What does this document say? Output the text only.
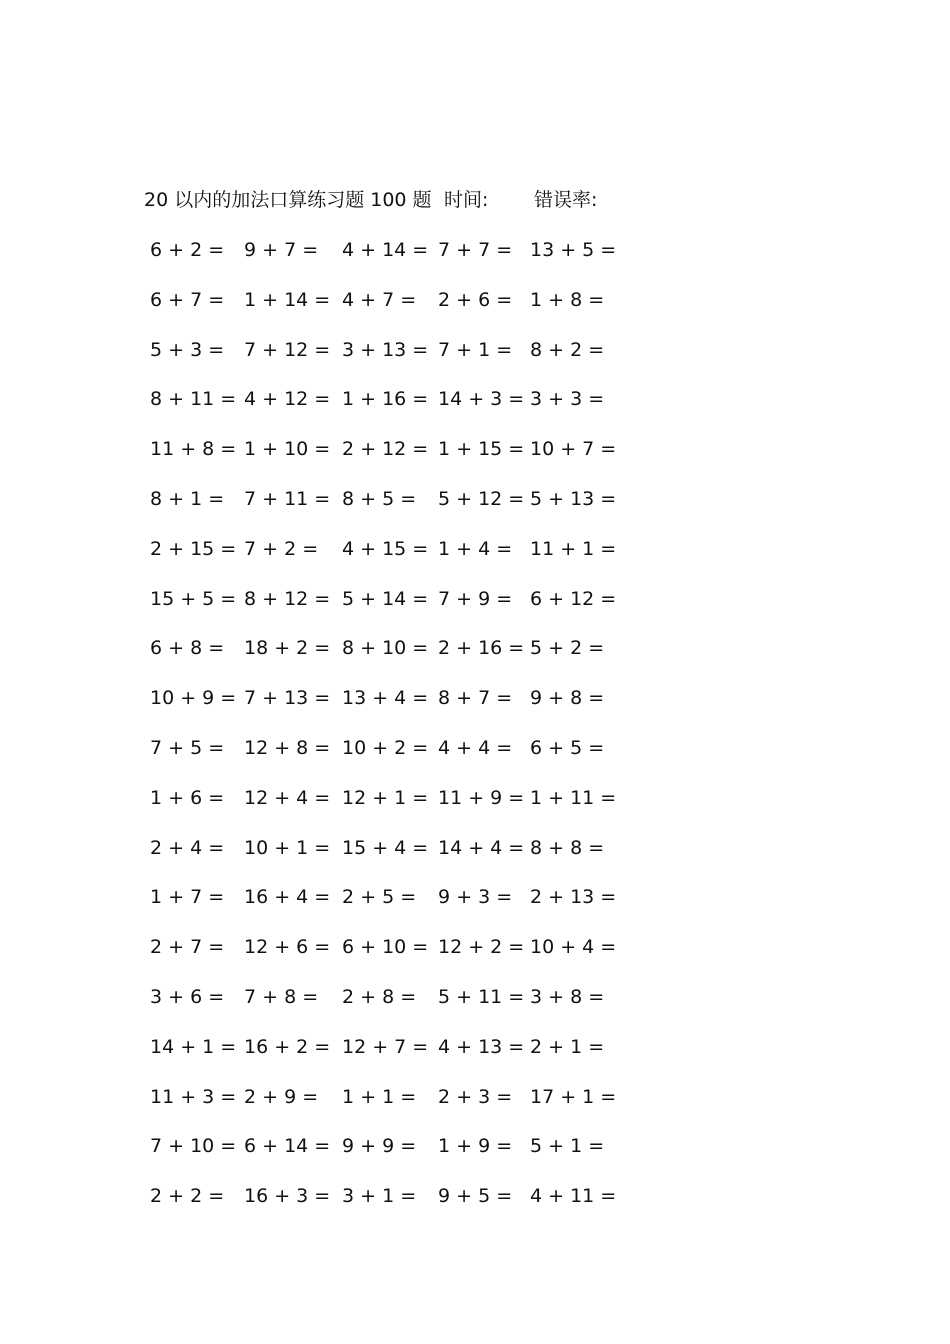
20 以内的加法口算练习题 100 题 时间: 错误率:
6 + 2 = 9 + 7 = 4 + 14 = 7 + 7 = 13 + 5 =
6 + 7 = 1 + 14 = 4 + 7 = 2 + 6 = 1 + 8 =
5 + 3 = 7 + 12 = 3 + 13 = 7 + 1 = 8 + 2 =
8 + 11 = 4 + 12 = 1 + 16 = 14 + 3 = 3 + 3 =
11 + 8 = 1 + 10 = 2 + 12 = 1 + 15 = 10 + 7 =
8 + 1 = 7 + 11 = 8 + 5 = 5 + 12 = 5 + 13 =
2 + 15 = 7 + 2 = 4 + 15 = 1 + 4 = 11 + 1 =
15 + 5 = 8 + 12 = 5 + 14 = 7 + 9 = 6 + 12 =
6 + 8 = 18 + 2 = 8 + 10 = 2 + 16 = 5 + 2 =
10 + 9 = 7 + 13 = 13 + 4 = 8 + 7 = 9 + 8 =
7 + 5 = 12 + 8 = 10 + 2 = 4 + 4 = 6 + 5 =
1 + 6 = 12 + 4 = 12 + 1 = 11 + 9 = 1 + 11 =
2 + 4 = 10 + 1 = 15 + 4 = 14 + 4 = 8 + 8 =
1 + 7 = 16 + 4 = 2 + 5 = 9 + 3 = 2 + 13 =
2 + 7 = 12 + 6 = 6 + 10 = 12 + 2 = 10 + 4 =
3 + 6 = 7 + 8 = 2 + 8 = 5 + 11 = 3 + 8 =
14 + 1 = 16 + 2 = 12 + 7 = 4 + 13 = 2 + 1 =
11 + 3 = 2 + 9 = 1 + 1 = 2 + 3 = 17 + 1 =
7 + 10 = 6 + 14 = 9 + 9 = 1 + 9 = 5 + 1 =
2 + 2 = 16 + 3 = 3 + 1 = 9 + 5 = 4 + 11 =
